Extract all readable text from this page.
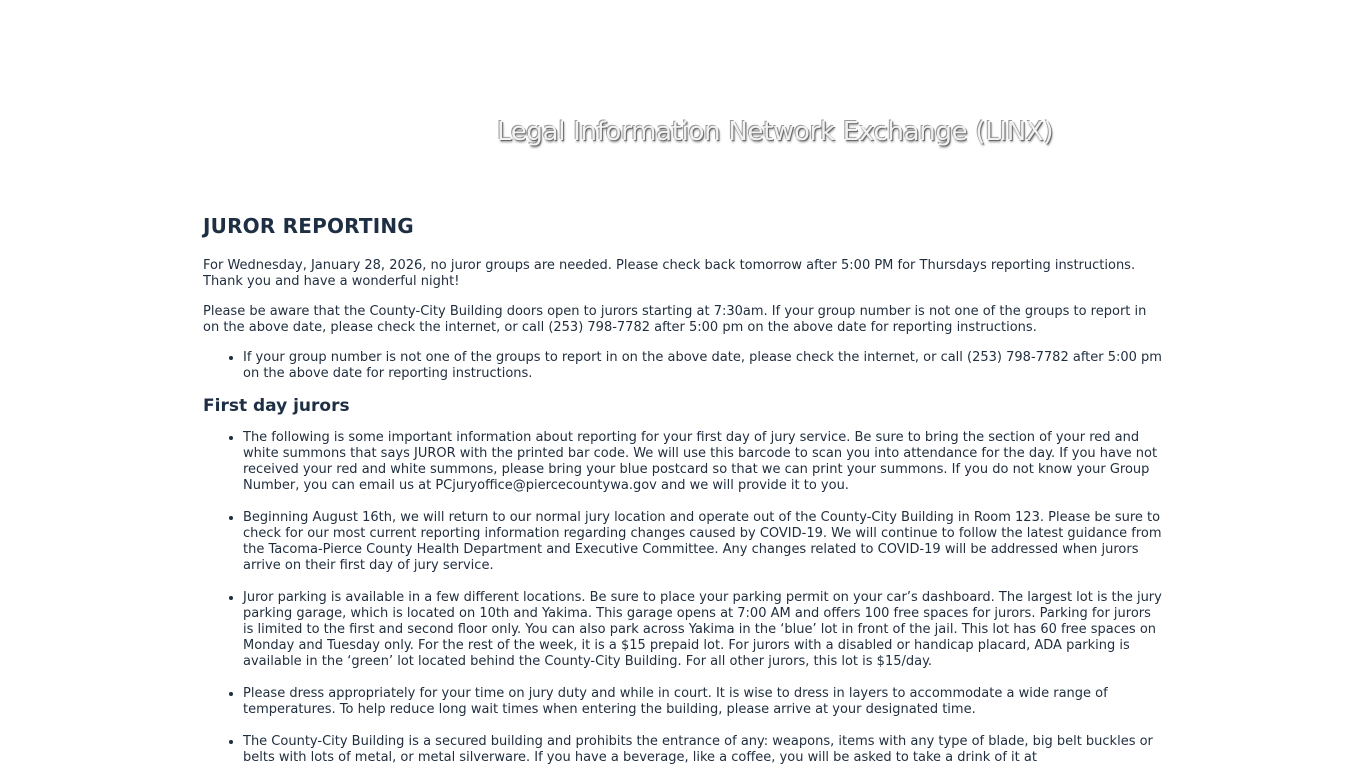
Legal Information Network Exchange (LINX)
JUROR REPORTING

For Wednesday, January 28, 2026, no juror groups are needed. Please check back tomorrow after 5:00 PM for Thursdays reporting instructions. Thank you and have a wonderful night!

Please be aware that the County-City Building doors open to jurors starting at 7:30am. If your group number is not one of the groups to report in on the above date, please check the internet, or call (253) 798-7782 after 5:00 pm on the above date for reporting instructions.

• If your group number is not one of the groups to report in on the above date, please check the internet, or call (253) 798-7782 after 5:00 pm on the above date for reporting instructions.
First day jurors
• The following is some important information about reporting for your first day of jury service. Be sure to bring the section of your red and white summons that says JUROR with the printed bar code. We will use this barcode to scan you into attendance for the day. If you have not received your red and white summons, please bring your blue postcard so that we can print your summons. If you do not know your Group Number, you can email us at PCjuryoffice@piercecountywa.gov and we will provide it to you.
• Beginning August 16th, we will return to our normal jury location and operate out of the County-City Building in Room 123. Please be sure to check for our most current reporting information regarding changes caused by COVID-19. We will continue to follow the latest guidance from the Tacoma-Pierce County Health Department and Executive Committee. Any changes related to COVID-19 will be addressed when jurors arrive on their first day of jury service.
• Juror parking is available in a few different locations. Be sure to place your parking permit on your car’s dashboard. The largest lot is the jury parking garage, which is located on 10th and Yakima. This garage opens at 7:00 AM and offers 100 free spaces for jurors. Parking for jurors is limited to the first and second floor only. You can also park across Yakima in the ‘blue’ lot in front of the jail. This lot has 60 free spaces on Monday and Tuesday only. For the rest of the week, it is a $15 prepaid lot. For jurors with a disabled or handicap placard, ADA parking is available in the ‘green’ lot located behind the County-City Building. For all other jurors, this lot is $15/day.
• Please dress appropriately for your time on jury duty and while in court. It is wise to dress in layers to accommodate a wide range of temperatures. To help reduce long wait times when entering the building, please arrive at your designated time.
• The County-City Building is a secured building and prohibits the entrance of any: weapons, items with any type of blade, big belt buckles or belts with lots of metal, or metal silverware. If you have a beverage, like a coffee, you will be asked to take a drink of it at
